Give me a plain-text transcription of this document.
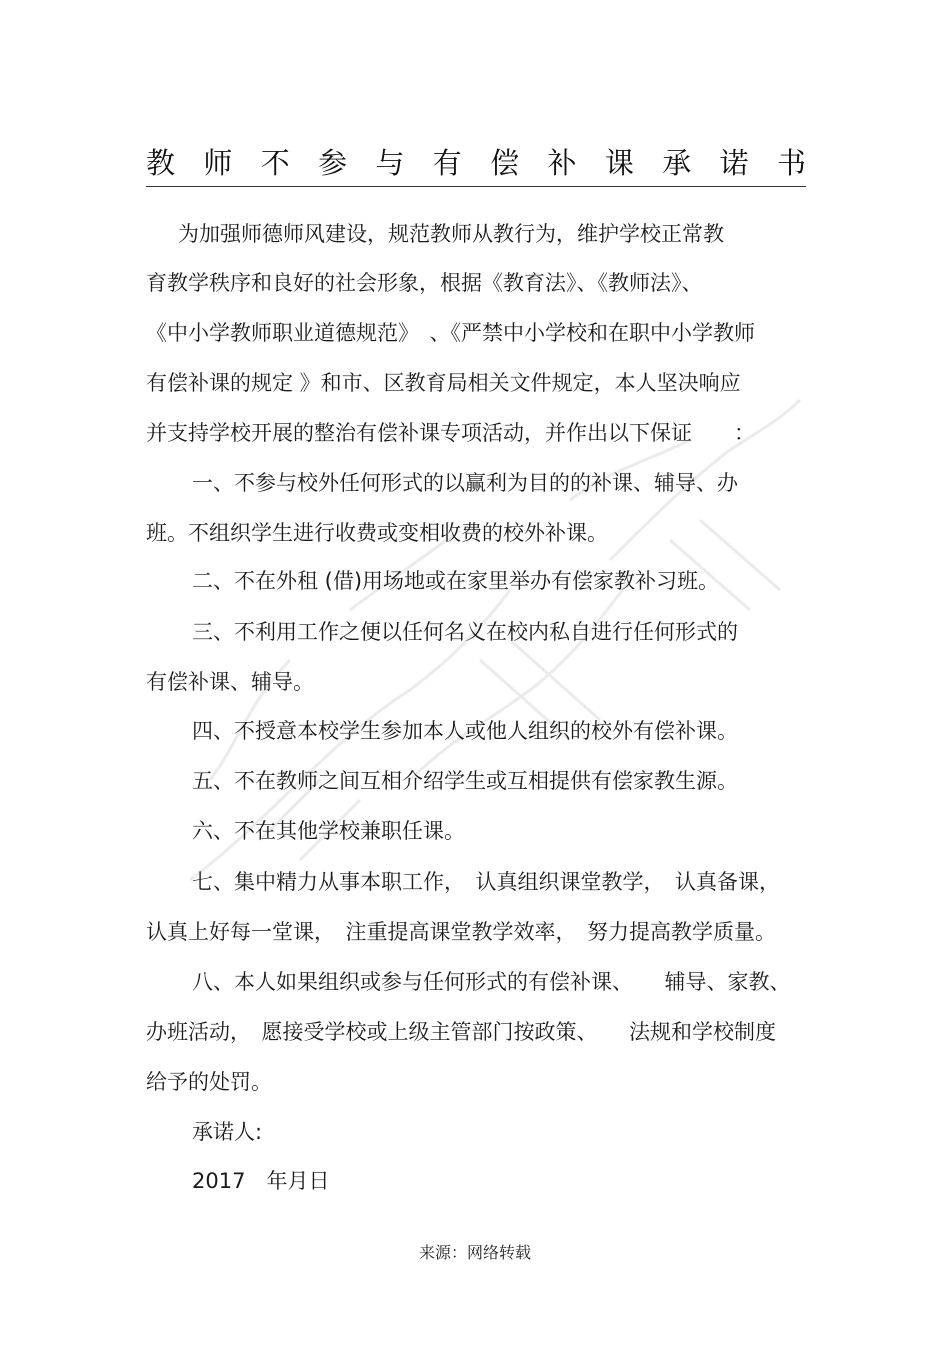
教 师 不 参 与 有 偿 补 课 承 诺 书
为加强师德师风建设，规范教师从教行为，维护学校正常教
育教学秩序和良好的社会形象，根据《教育法》、《教师法》、
《中小学教师职业道德规范》　、《严禁中小学校和在职中小学教师
有偿补课的规定 》和市、区教育局相关文件规定，本人坚决响应
并支持学校开展的整治有偿补课专项活动，并作出以下保证　　：
一、不参与校外任何形式的以赢利为目的的补课、辅导、办
班。不组织学生进行收费或变相收费的校外补课。
二、不在外租 (借)用场地或在家里举办有偿家教补习班。
三、不利用工作之便以任何名义在校内私自进行任何形式的
有偿补课、辅导。
四、不授意本校学生参加本人或他人组织的校外有偿补课。
五、不在教师之间互相介绍学生或互相提供有偿家教生源。
六、不在其他学校兼职任课。
七、集中精力从事本职工作，　认真组织课堂教学，　认真备课，
认真上好每一堂课，　注重提高课堂教学效率，　努力提高教学质量。
八、本人如果组织或参与任何形式的有偿补课、　　辅导、家教、
办班活动，　愿接受学校或上级主管部门按政策、　　法规和学校制度
给予的处罚。
承诺人:
2017　年月日
来源：网络转载
